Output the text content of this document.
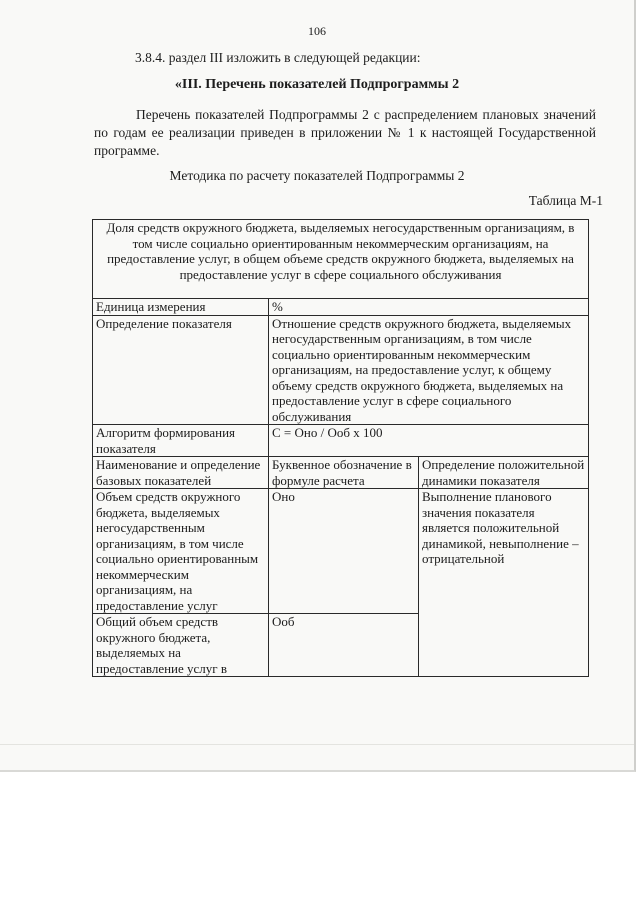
106
3.8.4. раздел III изложить в следующей редакции:
«III. Перечень показателей Подпрограммы 2
Перечень показателей Подпрограммы 2 с распределением плановых значений по годам ее реализации приведен в приложении № 1 к настоящей Государственной программе.
Методика по расчету показателей Подпрограммы 2
Таблица М-1
Доля средств окружного бюджета, выделяемых негосударственным организациям, в том числе социально ориентированным некоммерческим организациям, на предоставление услуг, в общем объеме средств окружного бюджета, выделяемых на предоставление услуг в сфере социального обслуживания		
Единица измерения	%	
Определение показателя	Отношение средств окружного бюджета, выделяемых негосударственным организациям, в том числе социально ориентированным некоммерческим организациям, на предоставление услуг, к общему объему средств окружного бюджета, выделяемых на предоставление услуг в сфере социального обслуживания	
Алгоритм формирования показателя	С = Оно / Ооб х 100	
Наименование и определение базовых показателей	Буквенное обозначение в формуле расчета	Определение положительной динамики показателя
Объем средств окружного бюджета, выделяемых негосударственным организациям, в том числе социально ориентированным некоммерческим организациям, на предоставление услуг	Оно	Выполнение планового значения показателя является положительной динамикой, невыполнение – отрицательной
Общий объем средств окружного бюджета, выделяемых на предоставление услуг в	Ооб	
